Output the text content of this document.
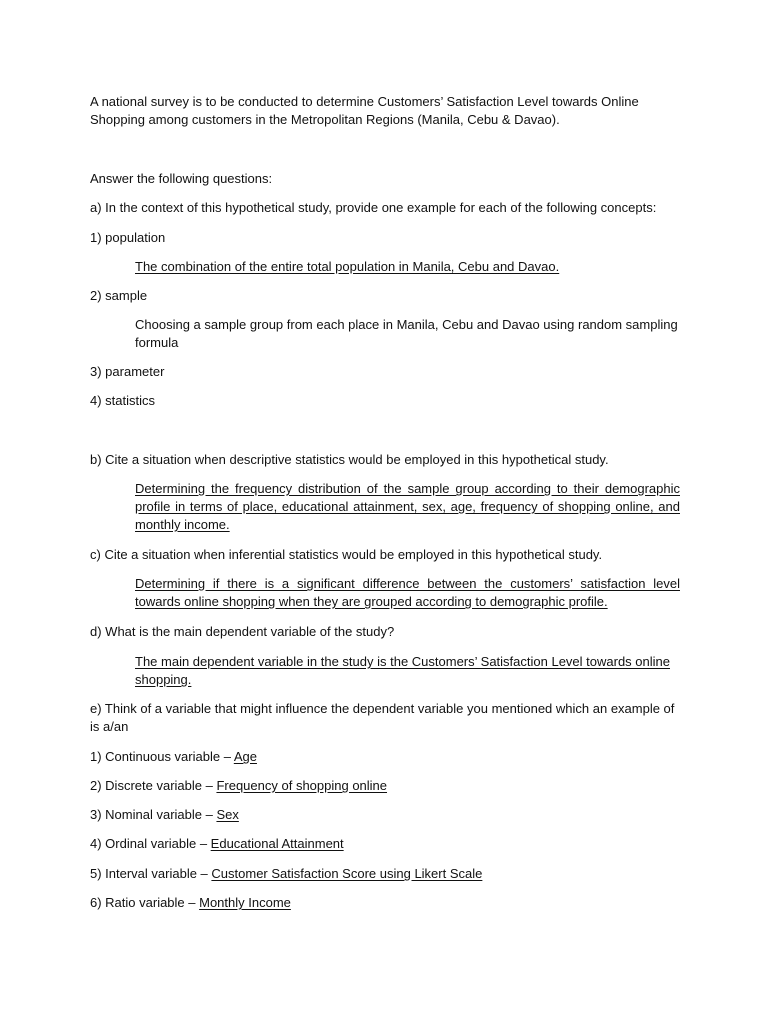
A national survey is to be conducted to determine Customers’ Satisfaction Level towards Online Shopping among customers in the Metropolitan Regions (Manila, Cebu & Davao).

Answer the following questions:

a) In the context of this hypothetical study, provide one example for each of the following concepts:

1) population

The combination of the entire total population in Manila, Cebu and Davao.

2) sample

Choosing a sample group from each place in Manila, Cebu and Davao using random sampling formula

3) parameter

4) statistics

b) Cite a situation when descriptive statistics would be employed in this hypothetical study.

Determining the frequency distribution of the sample group according to their demographic profile in terms of place, educational attainment, sex, age, frequency of shopping online, and monthly income.

c) Cite a situation when inferential statistics would be employed in this hypothetical study.

Determining if there is a significant difference between the customers’ satisfaction level towards online shopping when they are grouped according to demographic profile.

d) What is the main dependent variable of the study?

The main dependent variable in the study is the Customers’ Satisfaction Level towards online shopping.

e) Think of a variable that might influence the dependent variable you mentioned which an example of is a/an

1) Continuous variable – Age

2) Discrete variable – Frequency of shopping online

3) Nominal variable – Sex

4) Ordinal variable – Educational Attainment

5) Interval variable – Customer Satisfaction Score using Likert Scale

6) Ratio variable – Monthly Income
